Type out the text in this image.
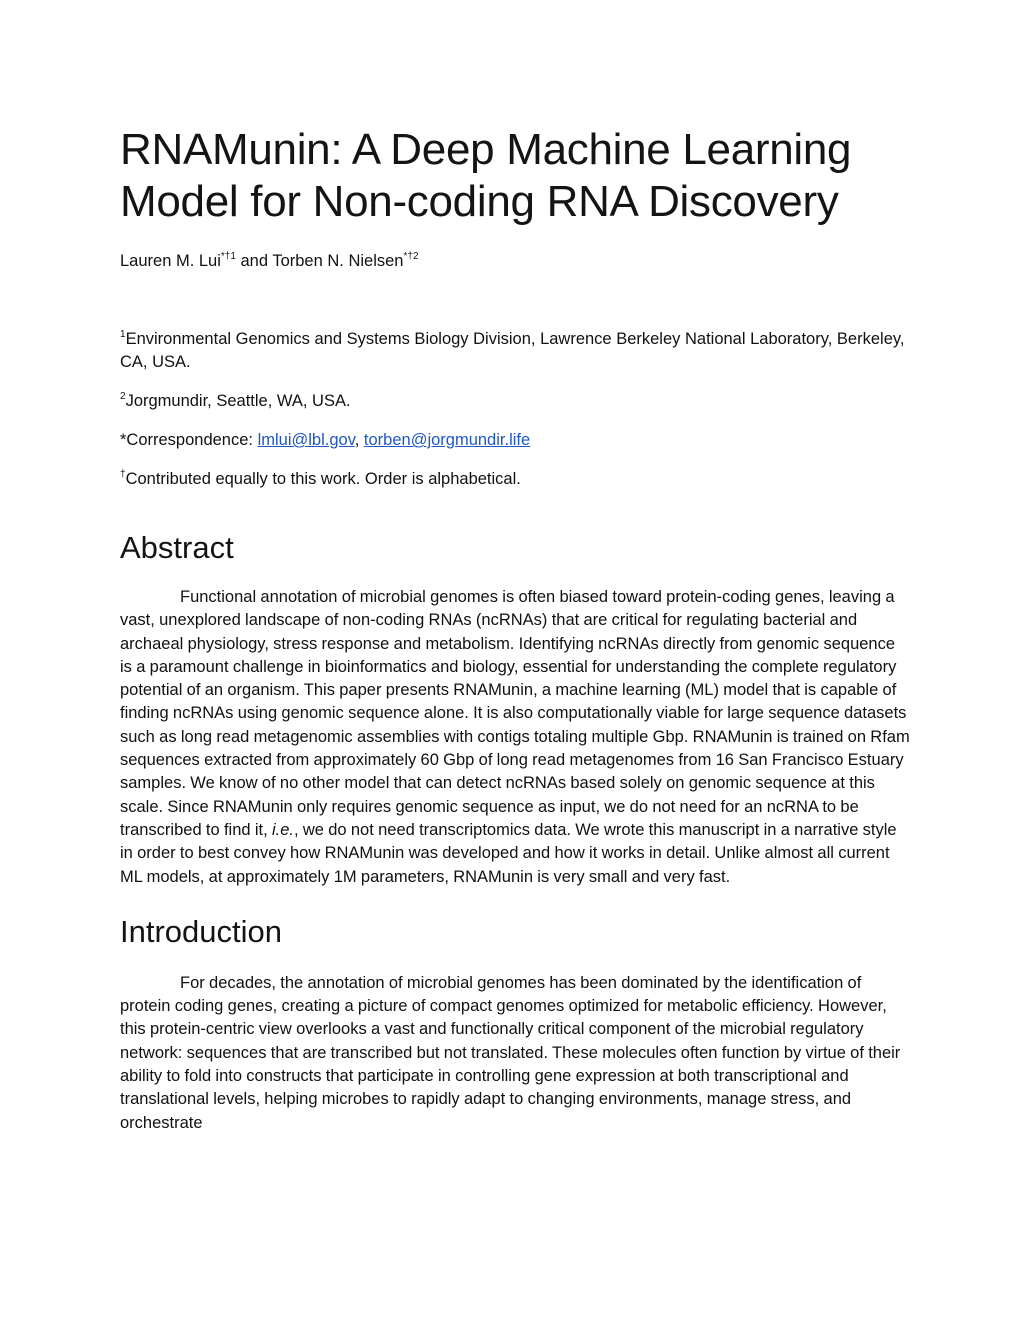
RNAMunin: A Deep Machine Learning
Model for Non-coding RNA Discovery
Lauren M. Lui$^{*\dagger 1}$ and Torben N. Nielsen$^{*\dagger 2}$

$^1$Environmental Genomics and Systems Biology Division, Lawrence Berkeley National Laboratory, Berkeley, CA, USA.

$^2$Jorgmundir, Seattle, WA, USA.

*Correspondence: lmlui@lbl.gov, torben@jorgmundir.life

†Contributed equally to this work. Order is alphabetical.

Abstract

Functional annotation of microbial genomes is often biased toward protein-coding genes, leaving a vast, unexplored landscape of non-coding RNAs (ncRNAs) that are critical for regulating bacterial and archaeal physiology, stress response and metabolism. Identifying ncRNAs directly from genomic sequence is a paramount challenge in bioinformatics and biology, essential for understanding the complete regulatory potential of an organism. This paper presents RNAMunin, a machine learning (ML) model that is capable of finding ncRNAs using genomic sequence alone. It is also computationally viable for large sequence datasets such as long read metagenomic assemblies with contigs totaling multiple Gbp. RNAMunin is trained on Rfam sequences extracted from approximately 60 Gbp of long read metagenomes from 16 San Francisco Estuary samples. We know of no other model that can detect ncRNAs based solely on genomic sequence at this scale. Since RNAMunin only requires genomic sequence as input, we do not need for an ncRNA to be transcribed to find it, i.e., we do not need transcriptomics data. We wrote this manuscript in a narrative style in order to best convey how RNAMunin was developed and how it works in detail. Unlike almost all current ML models, at approximately 1M parameters, RNAMunin is very small and very fast.

Introduction

For decades, the annotation of microbial genomes has been dominated by the identification of protein coding genes, creating a picture of compact genomes optimized for metabolic efficiency. However, this protein-centric view overlooks a vast and functionally critical component of the microbial regulatory network: sequences that are transcribed but not translated. These molecules often function by virtue of their ability to fold into constructs that participate in controlling gene expression at both transcriptional and translational levels, helping microbes to rapidly adapt to changing environments, manage stress, and orchestrate
